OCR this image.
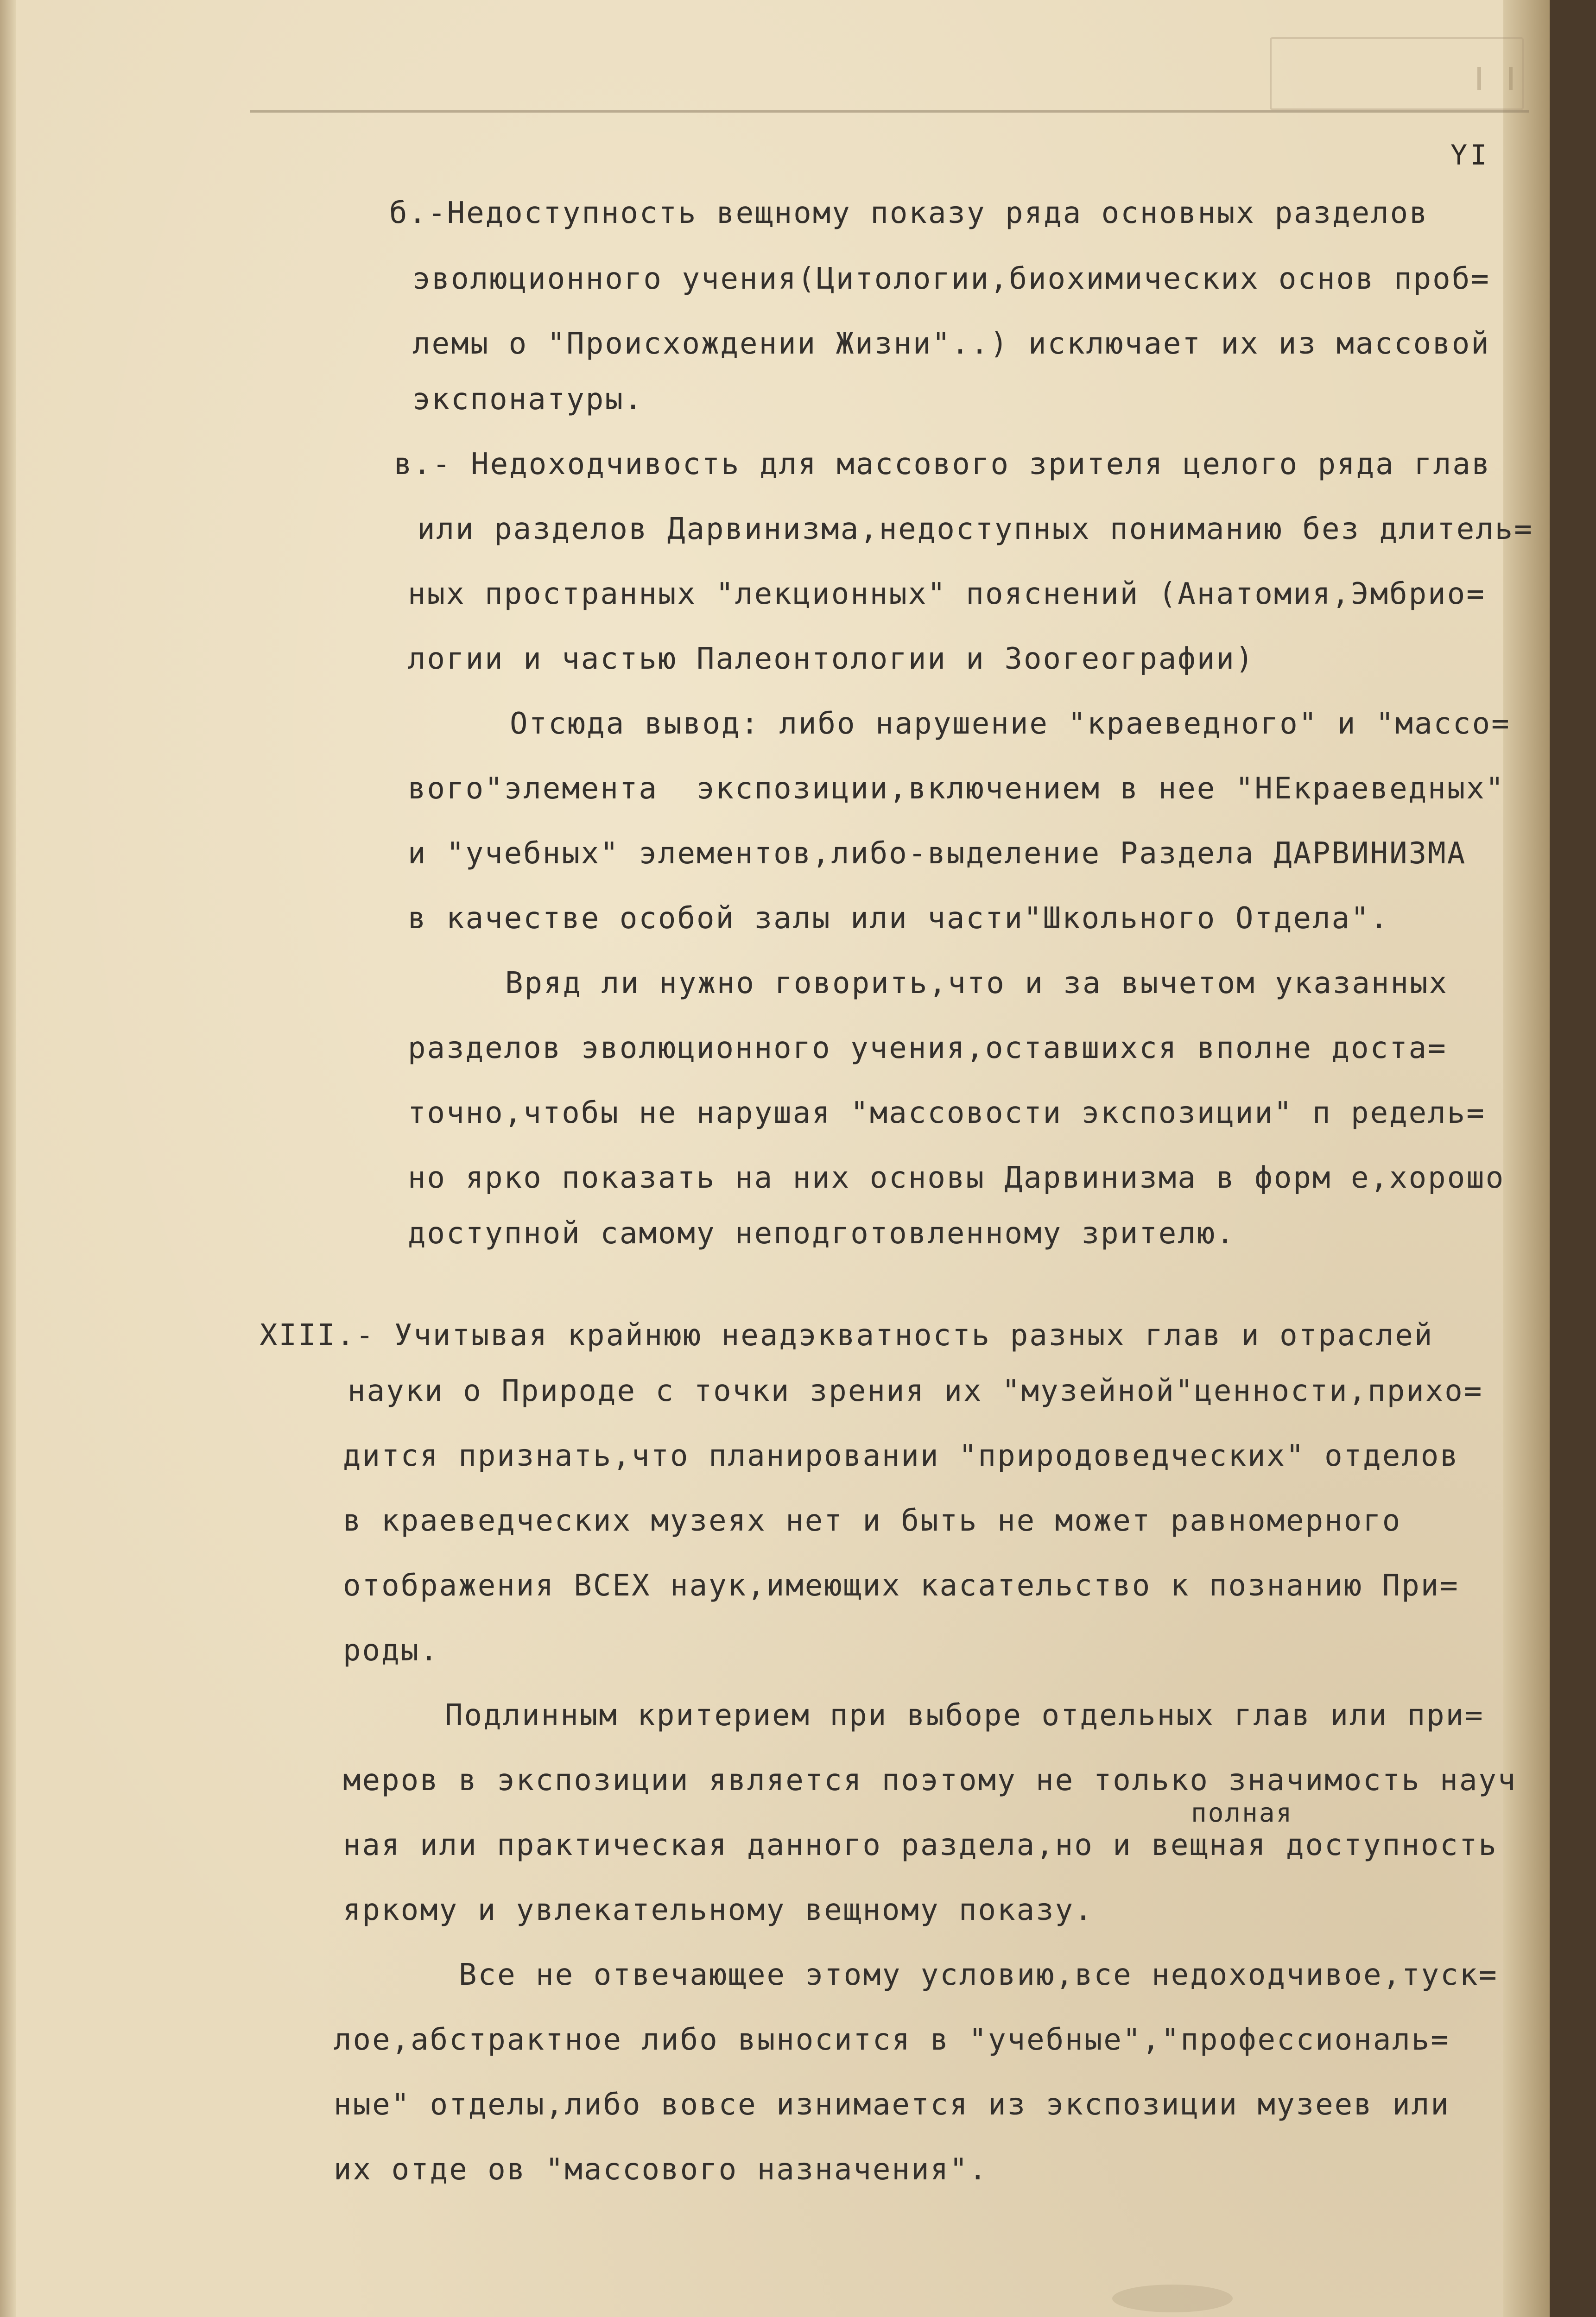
YI
б.-Недоступность вещному показу ряда основных разделов
эволюционного учения(Цитологии,биохимических основ проб=
лемы о "Происхождении Жизни"..) исключает их из массовой
экспонатуры.
в.- Недоходчивость для массового зрителя целого ряда глав
или разделов Дарвинизма,недоступных пониманию без длитель=
ных пространных "лекционных" пояснений (Анатомия,Эмбрио=
логии и частью Палеонтологии и Зоогеографии)
Отсюда вывод: либо нарушение "краеведного" и "массо=
вого"элемента  экспозиции,включением в нее "НЕкраеведных"
и "учебных" элементов,либо-выделение Раздела ДАРВИНИЗМА
в качестве особой залы или части"Школьного Отдела".
Вряд ли нужно говорить,что и за вычетом указанных
разделов эволюционного учения,оставшихся вполне доста=
точно,чтобы не нарушая "массовости экспозиции" п редель=
но ярко показать на них основы Дарвинизма в форм е,хорошо
доступной самому неподготовленному зрителю.
XIII.- Учитывая крайнюю неадэкватность разных глав и отраслей
науки о Природе с точки зрения их "музейной"ценности,прихо=
дится признать,что планировании "природоведческих" отделов
в краеведческих музеях нет и быть не может равномерного
отображения ВСЕХ наук,имеющих касательство к познанию При=
роды.
Подлинным критерием при выборе отдельных глав или при=
меров в экспозиции является поэтому не только значимость науч
полная
ная или практическая данного раздела,но и вещная доступность
яркому и увлекательному вещному показу.
Все не отвечающее этому условию,все недоходчивое,туск=
лое,абстрактное либо выносится в "учебные","профессиональ=
ные" отделы,либо вовсе изнимается из экспозиции музеев или
их отде ов "массового назначения".
